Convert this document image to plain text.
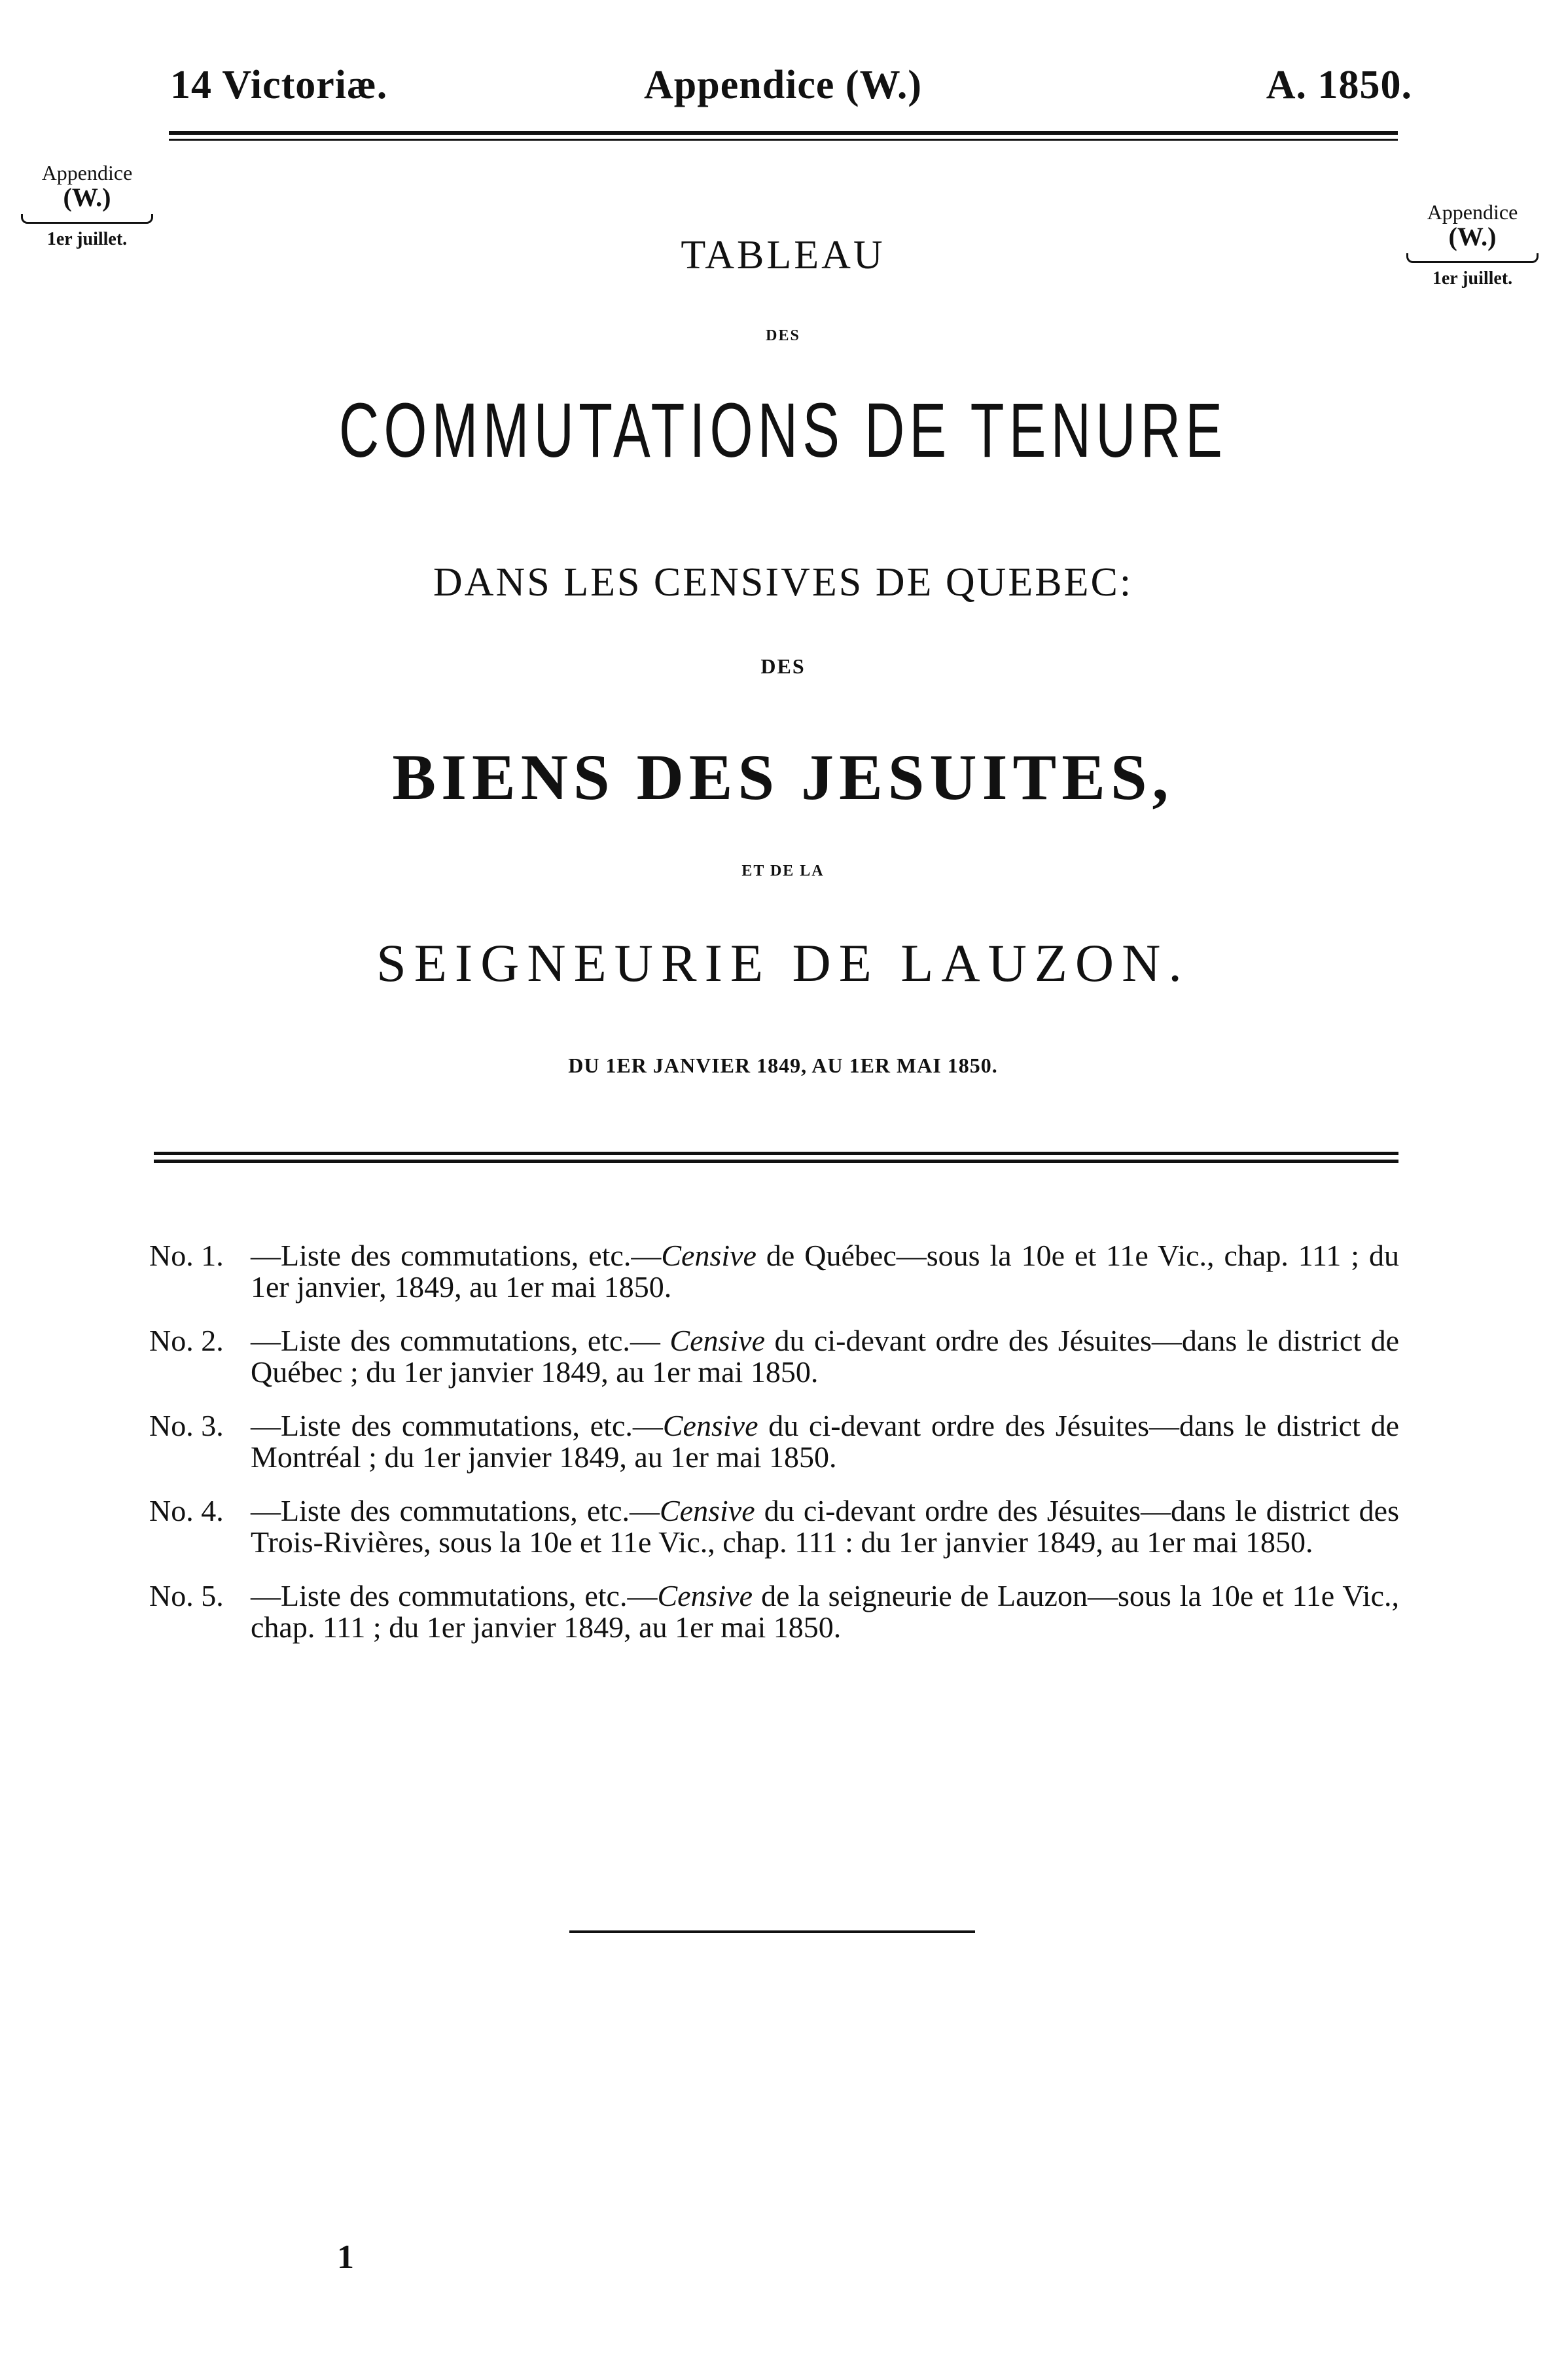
14 Victoriæ.	Appendice (W.)	A. 1850.
Appendice
(W.)
1er juillet.
Appendice
(W.)
1er juillet.
TABLEAU
DES
COMMUTATIONS DE TENURE
DANS LES CENSIVES DE QUEBEC:
DES
BIENS DES JESUITES,
ET DE LA
SEIGNEURIE DE LAUZON.
DU 1ER JANVIER 1849, AU 1ER MAI 1850.
No. 1. —Liste des commutations, etc.—Censive de Québec—sous la 10e et 11e Vic., chap. 111 ; du 1er janvier, 1849, au 1er mai 1850.
No. 2. —Liste des commutations, etc.— Censive du ci-devant ordre des Jésuites—dans le district de Québec ; du 1er janvier 1849, au 1er mai 1850.
No. 3. —Liste des commutations, etc.—Censive du ci-devant ordre des Jésuites—dans le district de Montréal ; du 1er janvier 1849, au 1er mai 1850.
No. 4. —Liste des commutations, etc.—Censive du ci-devant ordre des Jésuites—dans le district des Trois-Rivières, sous la 10e et 11e Vic., chap. 111 : du 1er janvier 1849, au 1er mai 1850.
No. 5. —Liste des commutations, etc.—Censive de la seigneurie de Lauzon—sous la 10e et 11e Vic., chap. 111 ; du 1er janvier 1849, au 1er mai 1850.
1
